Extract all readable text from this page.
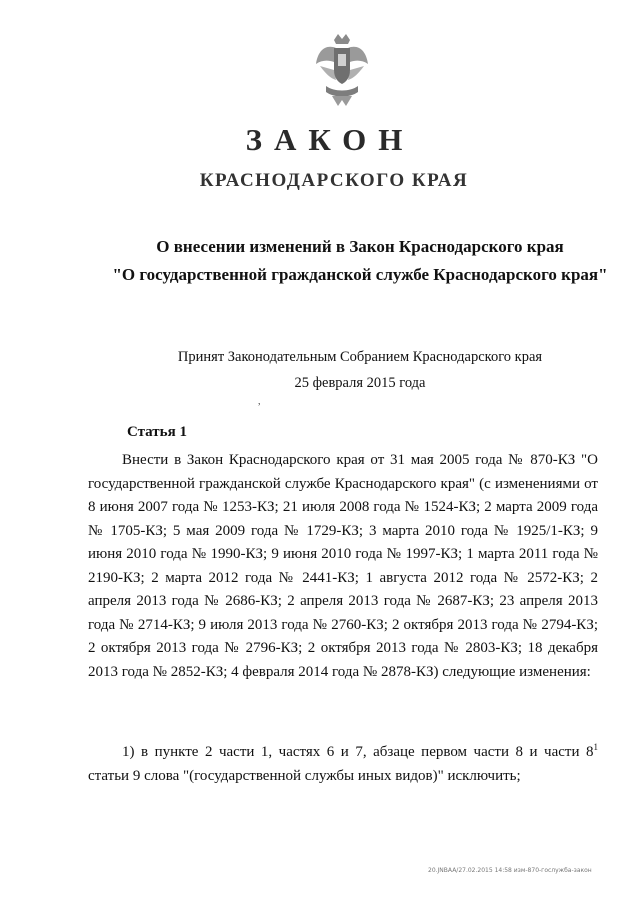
ЗАКОН
КРАСНОДАРСКОГО КРАЯ
О внесении изменений в Закон Краснодарского края
"О государственной гражданской службе Краснодарского края"
Принят Законодательным Собранием Краснодарского края
25 февраля 2015 года
,
Статья 1

Внести в Закон Краснодарского края от 31 мая 2005 года № 870-КЗ "О государственной гражданской службе Краснодарского края" (с изменениями от 8 июня 2007 года № 1253-КЗ; 21 июля 2008 года № 1524-КЗ; 2 марта 2009 года № 1705-КЗ; 5 мая 2009 года № 1729-КЗ; 3 марта 2010 года № 1925/1-КЗ; 9 июня 2010 года № 1990-КЗ; 9 июня 2010 года № 1997-КЗ; 1 марта 2011 года № 2190-КЗ; 2 марта 2012 года № 2441-КЗ; 1 августа 2012 года № 2572-КЗ; 2 апреля 2013 года № 2686-КЗ; 2 апреля 2013 года № 2687-КЗ; 23 апреля 2013 года № 2714-КЗ; 9 июля 2013 года № 2760-КЗ; 2 октября 2013 года № 2794-КЗ; 2 октября 2013 года № 2796-КЗ; 2 октября 2013 года № 2803-КЗ; 18 декабря 2013 года № 2852-КЗ; 4 февраля 2014 года № 2878-КЗ) следующие изменения:

1) в пункте 2 части 1, частях 6 и 7, абзаце первом части 8 и части $8^1$ статьи 9 слова "(государственной службы иных видов)" исключить;

20.JNBAA/27.02.2015 14:58 изм-870-гослужба-закон
